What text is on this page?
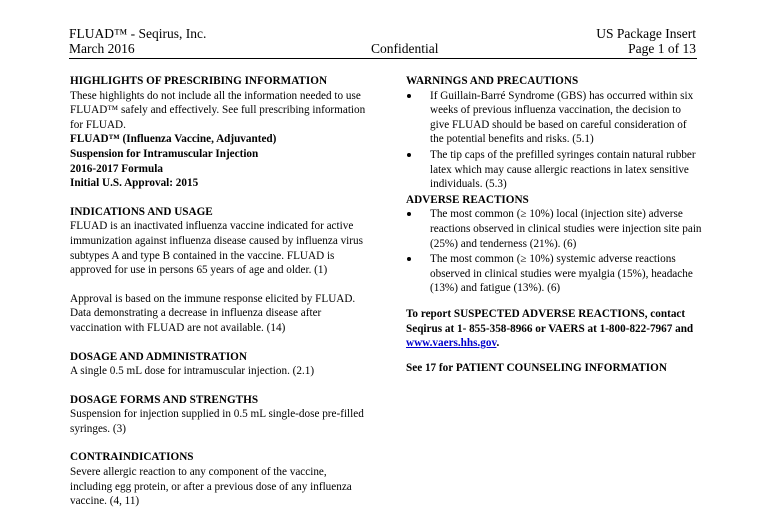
FLUAD™ - Seqirus, Inc.
March 2016	Confidential
US Package Insert
Page 1 of 13

HIGHLIGHTS OF PRESCRIBING INFORMATION

These highlights do not include all the information needed to use FLUAD™ safely and effectively. See full prescribing information for FLUAD.

FLUAD™ (Influenza Vaccine, Adjuvanted)

Suspension for Intramuscular Injection

2016-2017 Formula

Initial U.S. Approval: 2015

INDICATIONS AND USAGE

FLUAD is an inactivated influenza vaccine indicated for active immunization against influenza disease caused by influenza virus subtypes A and type B contained in the vaccine. FLUAD is approved for use in persons 65 years of age and older. (1)

Approval is based on the immune response elicited by FLUAD. Data demonstrating a decrease in influenza disease after vaccination with FLUAD are not available. (14)

DOSAGE AND ADMINISTRATION

A single 0.5 mL dose for intramuscular injection. (2.1)

DOSAGE FORMS AND STRENGTHS

Suspension for injection supplied in 0.5 mL single-dose pre-filled syringes. (3)

CONTRAINDICATIONS

Severe allergic reaction to any component of the vaccine, including egg protein, or after a previous dose of any influenza vaccine. (4, 11)

WARNINGS AND PRECAUTIONS

If Guillain-Barré Syndrome (GBS) has occurred within six weeks of previous influenza vaccination, the decision to give FLUAD should be based on careful consideration of the potential benefits and risks. (5.1)
The tip caps of the prefilled syringes contain natural rubber latex which may cause allergic reactions in latex sensitive individuals. (5.3)

ADVERSE REACTIONS

The most common (≥ 10%) local (injection site) adverse reactions observed in clinical studies were injection site pain (25%) and tenderness (21%). (6)
The most common (≥ 10%) systemic adverse reactions observed in clinical studies were myalgia (15%), headache (13%) and fatigue (13%). (6)

To report SUSPECTED ADVERSE REACTIONS, contact Seqirus at 1- 855-358-8966 or VAERS at 1-800-822-7967 and www.vaers.hhs.gov.

See 17 for PATIENT COUNSELING INFORMATION
